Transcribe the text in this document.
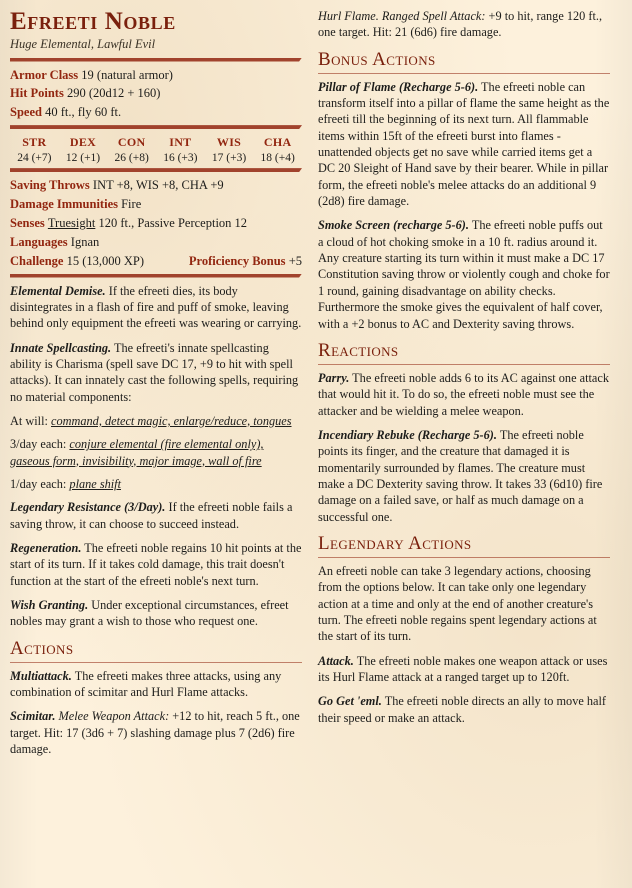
Efreeti Noble
Huge Elemental, Lawful Evil
Armor Class 19 (natural armor)
Hit Points 290 (20d12 + 160)
Speed 40 ft., fly 60 ft.
STR
24 (+7)
DEX
12 (+1)
CON
26 (+8)
INT
16 (+3)
WIS
17 (+3)
CHA
18 (+4)
Saving Throws INT +8, WIS +8, CHA +9
Damage Immunities Fire
Senses Truesight 120 ft., Passive Perception 12
Languages Ignan
Challenge 15 (13,000 XP)	Proficiency Bonus +5

Elemental Demise. If the efreeti dies, its body disintegrates in a flash of fire and puff of smoke, leaving behind only equipment the efreeti was wearing or carrying.

Innate Spellcasting. The efreeti's innate spellcasting ability is Charisma (spell save DC 17, +9 to hit with spell attacks). It can innately cast the following spells, requiring no material components:

At will: command, detect magic, enlarge/reduce, tongues

3/day each: conjure elemental (fire elemental only), gaseous form, invisibility, major image, wall of fire

1/day each: plane shift

Legendary Resistance (3/Day). If the efreeti noble fails a saving throw, it can choose to succeed instead.

Regeneration. The efreeti noble regains 10 hit points at the start of its turn. If it takes cold damage, this trait doesn't function at the start of the efreeti noble's next turn.

Wish Granting. Under exceptional circumstances, efreet nobles may grant a wish to those who request one.

Actions

Multiattack. The efreeti makes three attacks, using any combination of scimitar and Hurl Flame attacks.

Scimitar. Melee Weapon Attack: +12 to hit, reach 5 ft., one target. Hit: 17 (3d6 + 7) slashing damage plus 7 (2d6) fire damage.

Hurl Flame. Ranged Spell Attack: +9 to hit, range 120 ft., one target. Hit: 21 (6d6) fire damage.

Bonus Actions

Pillar of Flame (Recharge 5-6). The efreeti noble can transform itself into a pillar of flame the same height as the efreeti till the beginning of its next turn. All flammable items within 15ft of the efreeti burst into flames - unattended objects get no save while carried items get a DC 20 Sleight of Hand save by their bearer. While in pillar form, the efreeti noble's melee attacks do an additional 9 (2d8) fire damage.

Smoke Screen (recharge 5-6). The efreeti noble puffs out a cloud of hot choking smoke in a 10 ft. radius around it. Any creature starting its turn within it must make a DC 17 Constitution saving throw or violently cough and choke for 1 round, gaining disadvantage on ability checks. Furthermore the smoke gives the equivalent of half cover, with a +2 bonus to AC and Dexterity saving throws.

Reactions

Parry. The efreeti noble adds 6 to its AC against one attack that would hit it. To do so, the efreeti noble must see the attacker and be wielding a melee weapon.

Incendiary Rebuke (Recharge 5-6). The efreeti noble points its finger, and the creature that damaged it is momentarily surrounded by flames. The creature must make a DC Dexterity saving throw. It takes 33 (6d10) fire damage on a failed save, or half as much damage on a successful one.

Legendary Actions

An efreeti noble can take 3 legendary actions, choosing from the options below. It can take only one legendary action at a time and only at the end of another creature's turn. The efreeti noble regains spent legendary actions at the start of its turn.

Attack. The efreeti noble makes one weapon attack or uses its Hurl Flame attack at a ranged target up to 120ft.

Go Get 'eml. The efreeti noble directs an ally to move half their speed or make an attack.
